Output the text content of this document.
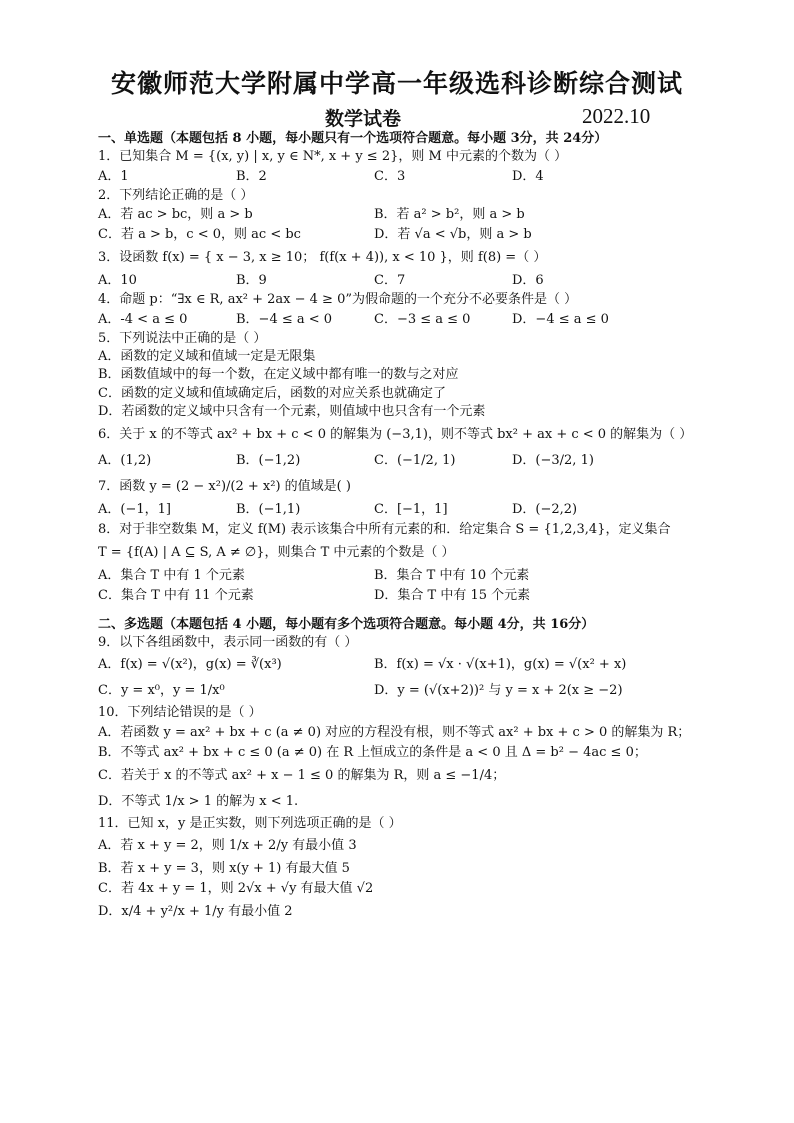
安徽师范大学附属中学高一年级选科诊断综合测试
数学试卷	2022.10
一、单选题（本题包括 8 小题，每小题只有一个选项符合题意。每小题 3分，共 24分）
1．已知集合 M = {(x, y) | x, y ∈ N*, x + y ≤ 2}，则 M 中元素的个数为（ ）
A．1	B．2	C．3	D．4
2．下列结论正确的是（ ）
A．若 ac > bc，则 a > b	B．若 a² > b²，则 a > b
C．若 a > b，c < 0，则 ac < bc	D．若 √a < √b，则 a > b
3．设函数 f(x) = { x − 3, x ≥ 10； f(f(x + 4)), x < 10 }，则 f(8) =（ ）
A．10	B．9	C．7	D．6
4．命题 p：“∃x ∈ R, ax² + 2ax − 4 ≥ 0”为假命题的一个充分不必要条件是（ ）
A．-4 < a ≤ 0	B．−4 ≤ a < 0	C．−3 ≤ a ≤ 0	D．−4 ≤ a ≤ 0
5．下列说法中正确的是（ ）
A．函数的定义域和值域一定是无限集
B．函数值域中的每一个数，在定义域中都有唯一的数与之对应
C．函数的定义域和值域确定后，函数的对应关系也就确定了
D．若函数的定义域中只含有一个元素，则值域中也只含有一个元素
6．关于 x 的不等式 ax² + bx + c < 0 的解集为 (−3,1)，则不等式 bx² + ax + c < 0 的解集为（ ）
A．(1,2)	B．(−1,2)	C．(−1/2, 1)	D．(−3/2, 1)
7．函数 y = (2 − x²)/(2 + x²) 的值域是( )
A．(−1，1]	B．(−1,1)	C．[−1，1]	D．(−2,2)
8．对于非空数集 M，定义 f(M) 表示该集合中所有元素的和．给定集合 S = {1,2,3,4}，定义集合
T = {f(A) | A ⊆ S, A ≠ ∅}，则集合 T 中元素的个数是（ ）
A．集合 T 中有 1 个元素	B．集合 T 中有 10 个元素
C．集合 T 中有 11 个元素	D．集合 T 中有 15 个元素
二、多选题（本题包括 4 小题，每小题有多个选项符合题意。每小题 4分，共 16分）
9．以下各组函数中，表示同一函数的有（ ）
A．f(x) = √(x²)，g(x) = ∛(x³)	B．f(x) = √x · √(x+1)，g(x) = √(x² + x)
C．y = x⁰，y = 1/x⁰	D．y = (√(x+2))² 与 y = x + 2(x ≥ −2)
10．下列结论错误的是（ ）
A．若函数 y = ax² + bx + c (a ≠ 0) 对应的方程没有根，则不等式 ax² + bx + c > 0 的解集为 R；
B．不等式 ax² + bx + c ≤ 0 (a ≠ 0) 在 R 上恒成立的条件是 a < 0 且 Δ = b² − 4ac ≤ 0；
C．若关于 x 的不等式 ax² + x − 1 ≤ 0 的解集为 R，则 a ≤ −1/4；
D．不等式 1/x > 1 的解为 x < 1.
11．已知 x，y 是正实数，则下列选项正确的是（ ）
A．若 x + y = 2，则 1/x + 2/y 有最小值 3
B．若 x + y = 3，则 x(y + 1) 有最大值 5
C．若 4x + y = 1，则 2√x + √y 有最大值 √2
D．x/4 + y²/x + 1/y 有最小值 2
